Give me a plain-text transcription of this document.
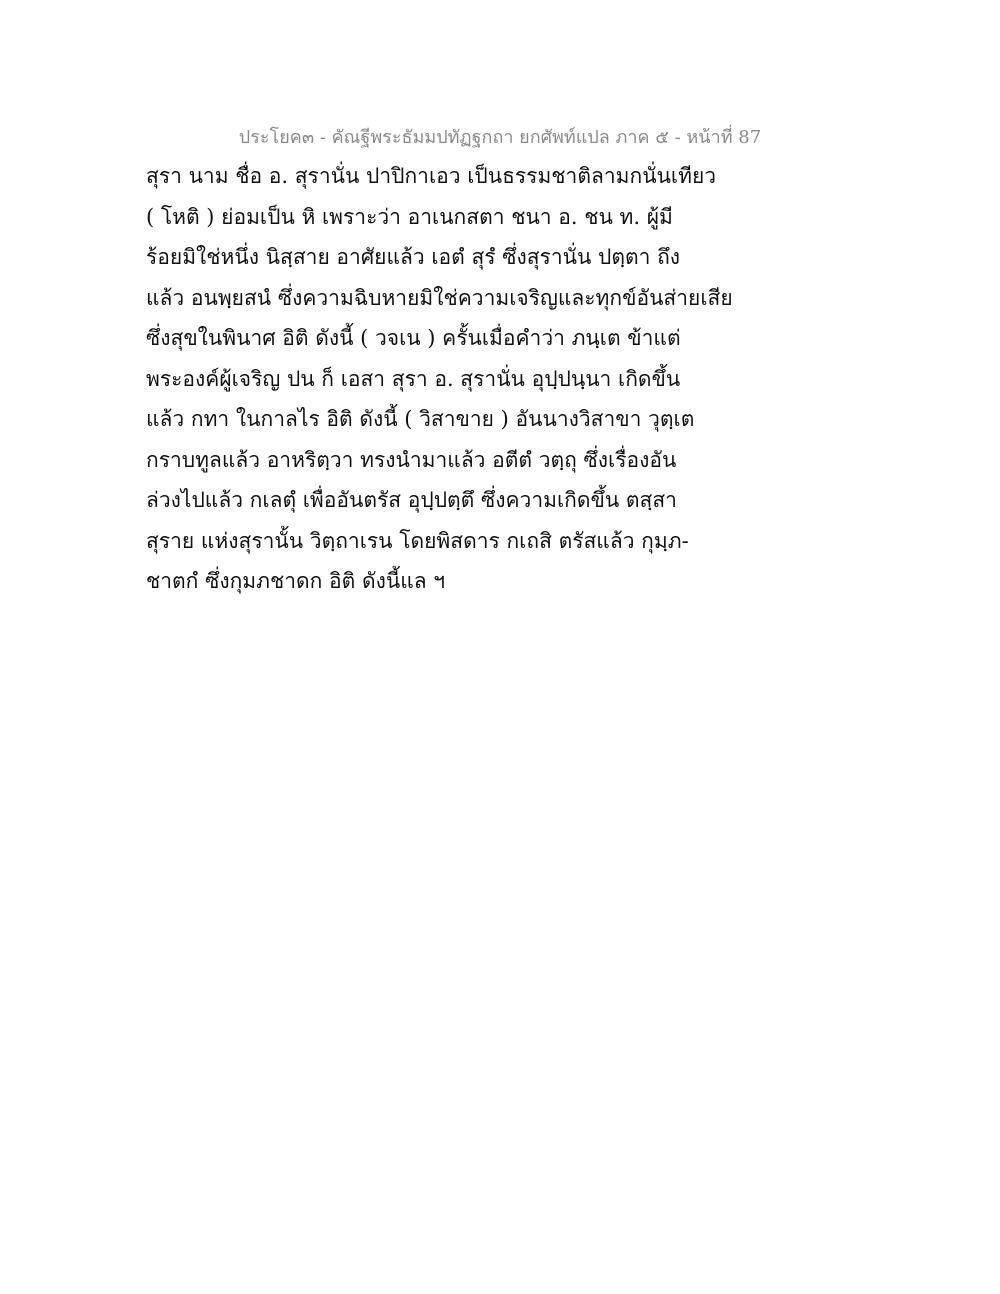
ประโยค๓ - คัณฐีพระธัมมปทัฏฐกถา ยกศัพท์แปล ภาค ๕ - หน้าที่ 87
สุรา นาม ชื่อ อ. สุรานั่น ปาปิกาเอว เป็นธรรมชาติลามกนั่นเทียว
( โหติ ) ย่อมเป็น หิ เพราะว่า อาเนกสตา ชนา อ. ชน ท. ผู้มี
ร้อยมิใช่หนึ่ง นิสฺสาย อาศัยแล้ว เอตํ สุรํ ซึ่งสุรานั่น ปตฺตา ถึง
แล้ว อนพฺยสนํ ซึ่งความฉิบหายมิใช่ความเจริญและทุกข์อันส่ายเสีย
ซึ่งสุขในพินาศ อิติ ดังนี้ ( วจเน ) ครั้นเมื่อคำว่า ภนฺเต ข้าแต่
พระองค์ผู้เจริญ ปน ก็ เอสา สุรา อ. สุรานั่น อุปฺปนฺนา เกิดขึ้น
แล้ว กทา ในกาลไร อิติ ดังนี้ ( วิสาขาย ) อันนางวิสาขา วุตฺเต
กราบทูลแล้ว อาหริตฺวา ทรงนำมาแล้ว อตีตํ วตฺถุ ซึ่งเรื่องอัน
ล่วงไปแล้ว กเลตุํ เพื่ออันตรัส อุปฺปตฺตึ ซึ่งความเกิดขึ้น ตสฺสา
สุราย แห่งสุรานั้น วิตฺถาเรน โดยพิสดาร กเถสิ ตรัสแล้ว กุมฺภ-
ชาตกํ ซึ่งกุมภชาดก อิติ ดังนี้แล ฯ
